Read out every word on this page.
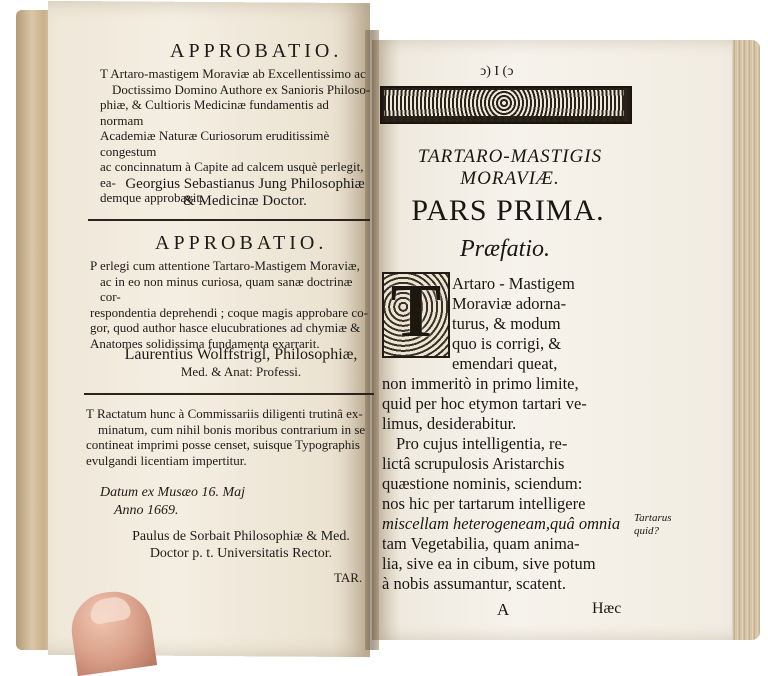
APPROBATIO.
T Artaro-mastigem Moraviæ ab Excellentissimo ac
Doctissimo Domino Authore ex Sanioris Philoso-
phiæ, & Cultioris Medicinæ fundamentis ad normam
Academiæ Naturæ Curiosorum eruditissimè congestum
ac concinnatum à Capite ad calcem usquè perlegit, ea-
demque approbavit.
Georgius Sebastianus Jung Philosophiæ
& Medicinæ Doctor.
APPROBATIO.
P erlegi cum attentione Tartaro-Mastigem Moraviæ,
ac in eo non minus curiosa, quam sanæ doctrinæ cor-
respondentia deprehendi ; coque magis approbare co-
gor, quod author hasce elucubrationes ad chymiæ &
Anatomes solidissima fundamenta exarrarit.
Laurentius Wolffstrigl, Philosophiæ,
Med. & Anat: Professi.
T Ractatum hunc à Commissariis diligenti trutinâ ex-
minatum, cum nihil bonis moribus contrarium in se
contineat imprimi posse censet, suisque Typographis
evulgandi licentiam impertitur.
Datum ex Musæo 16. Maj
Anno 1669.
Paulus de Sorbait Philosophiæ & Med.
Doctor p. t. Universitatis Rector.
TAR.
ↄ) I (ↄ
TARTARO-MASTIGIS
MORAVIÆ.
PARS PRIMA.
Præfatio.
T Artaro - Mastigem
Moraviæ adorna-
turus, & modum
quo is corrigi, &
emendari queat,
non immeritò in primo limite,
quid per hoc etymon tartari ve-
limus, desiderabitur.
Pro cujus intelligentia, re-
lictâ scrupulosis Aristarchis
quæstione nominis, sciendum:
nos hic per tartarum intelligere
miscellam heterogeneam,quâ omnia
tam Vegetabilia, quam anima-
lia, sive ea in cibum, sive potum
à nobis assumantur, scatent.
Tartarus
quid?
A	Hæc
